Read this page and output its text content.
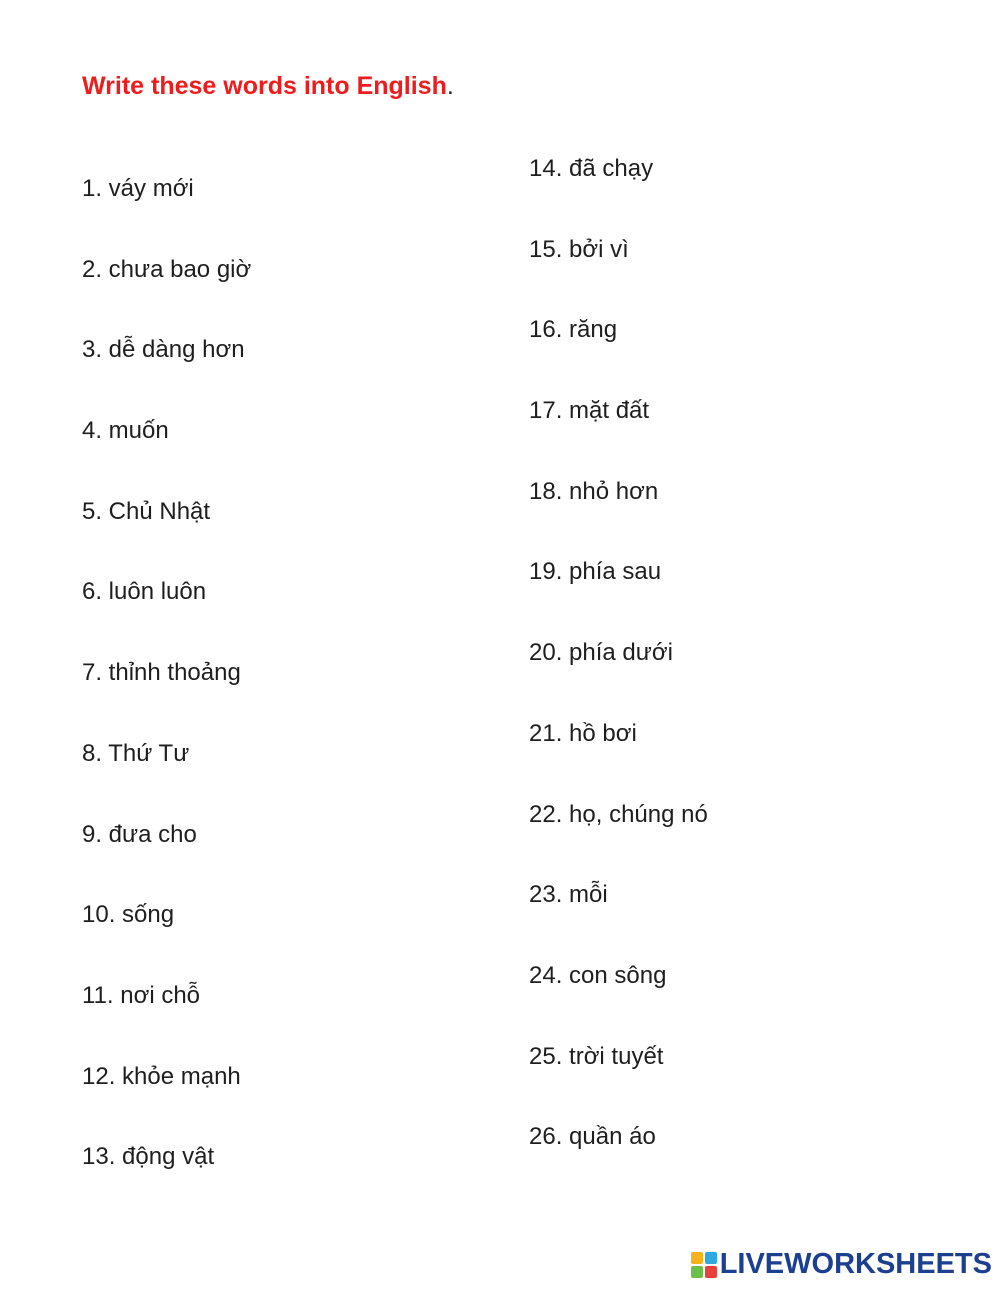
Write these words into English.
1. váy mới
2. chưa bao giờ
3. dễ dàng hơn
4. muốn
5. Chủ Nhật
6. luôn luôn
7. thỉnh thoảng
8. Thứ Tư
9. đưa cho
10. sống
11. nơi chỗ
12. khỏe mạnh
13. động vật
14. đã chạy
15. bởi vì
16. răng
17. mặt đất
18. nhỏ hơn
19. phía sau
20. phía dưới
21. hồ bơi
22. họ, chúng nó
23. mỗi
24. con sông
25. trời tuyết
26. quần áo
LIVEWORKSHEETS
